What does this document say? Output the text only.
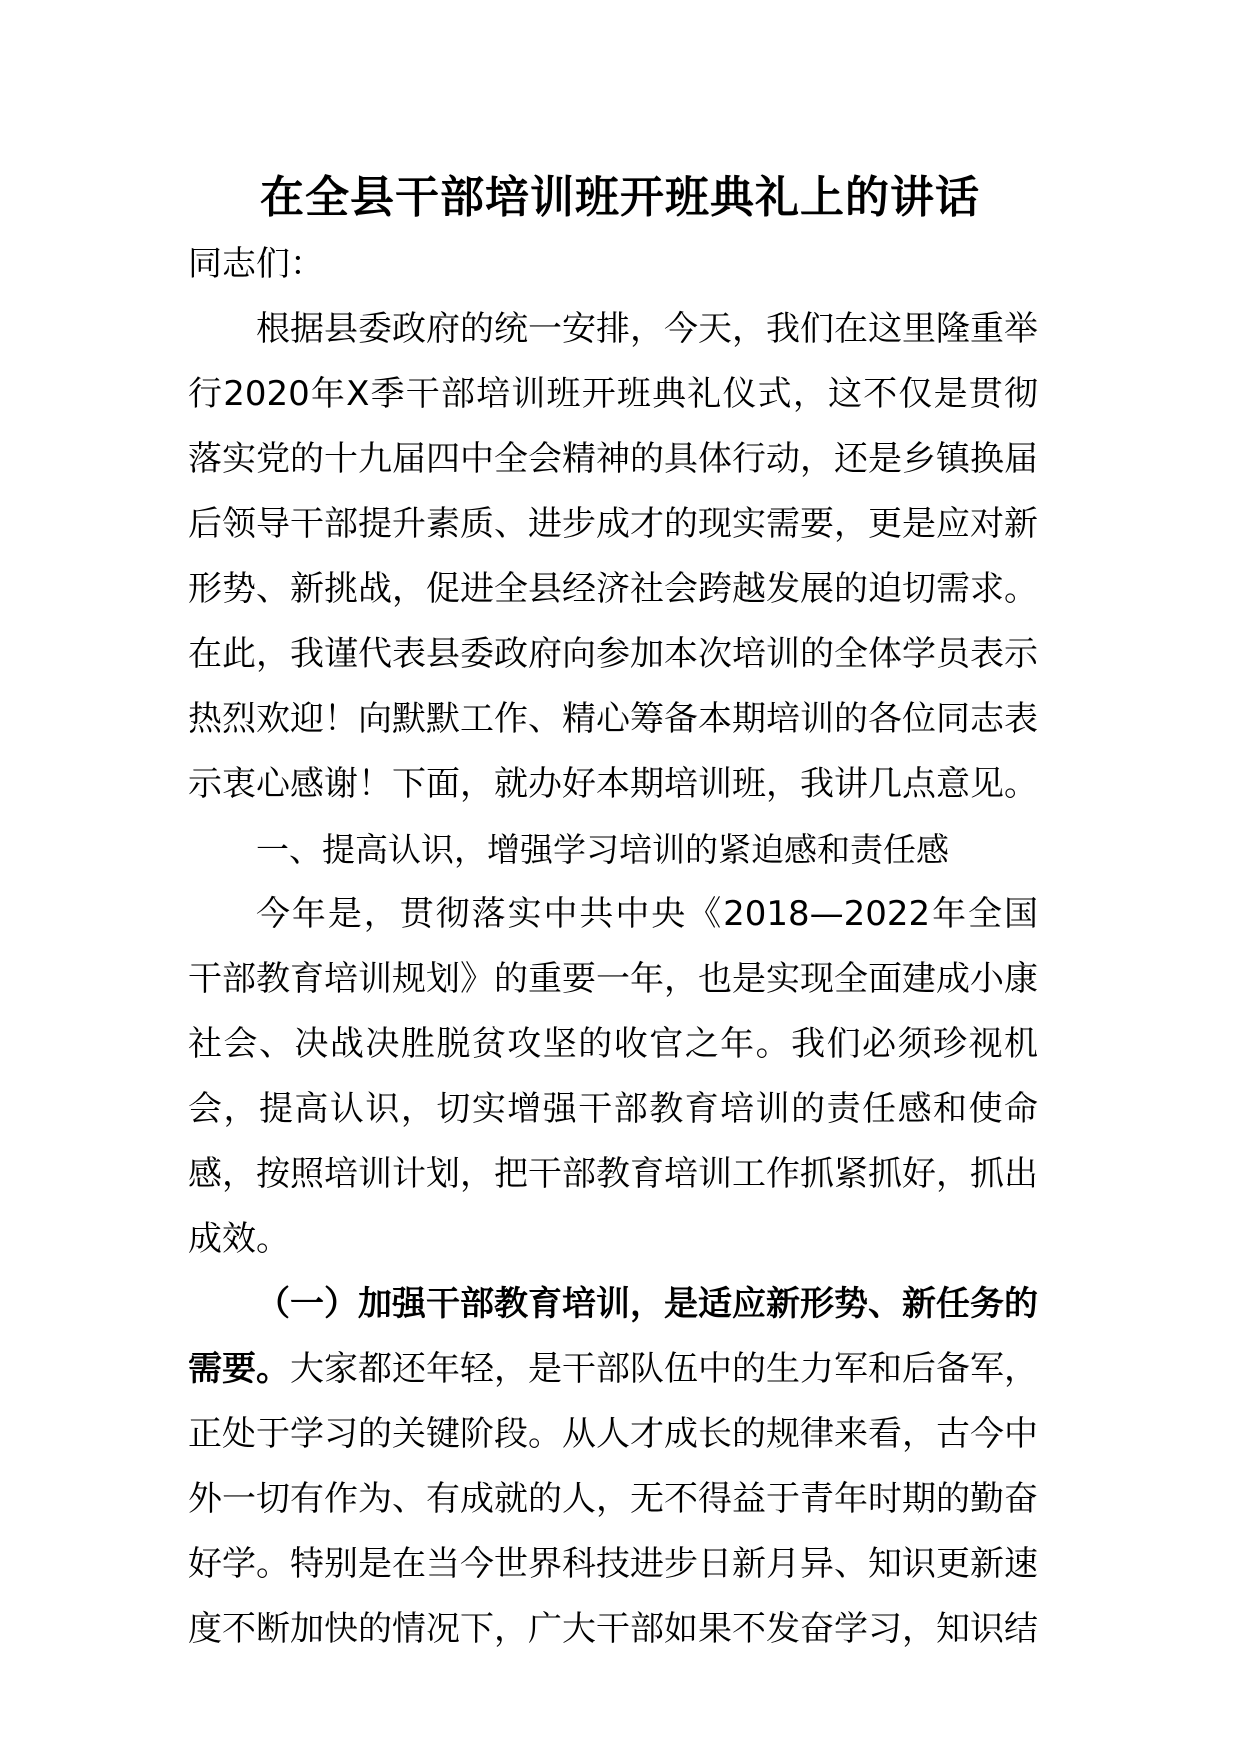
在全县干部培训班开班典礼上的讲话

同志们：

根据县委政府的统一安排，今天，我们在这里隆重举行2020年X季干部培训班开班典礼仪式，这不仅是贯彻落实党的十九届四中全会精神的具体行动，还是乡镇换届后领导干部提升素质、进步成才的现实需要，更是应对新形势、新挑战，促进全县经济社会跨越发展的迫切需求。在此，我谨代表县委政府向参加本次培训的全体学员表示热烈欢迎！向默默工作、精心筹备本期培训的各位同志表示衷心感谢！下面，就办好本期培训班，我讲几点意见。

一、提高认识，增强学习培训的紧迫感和责任感

今年是，贯彻落实中共中央《2018—2022年全国干部教育培训规划》的重要一年，也是实现全面建成小康社会、决战决胜脱贫攻坚的收官之年。我们必须珍视机会，提高认识，切实增强干部教育培训的责任感和使命感，按照培训计划，把干部教育培训工作抓紧抓好，抓出成效。

（一）加强干部教育培训，是适应新形势、新任务的需要。大家都还年轻，是干部队伍中的生力军和后备军，正处于学习的关键阶段。从人才成长的规律来看，古今中外一切有作为、有成就的人，无不得益于青年时期的勤奋好学。特别是在当今世界科技进步日新月异、知识更新速度不断加快的情况下，广大干部如果不发奋学习，知识结
